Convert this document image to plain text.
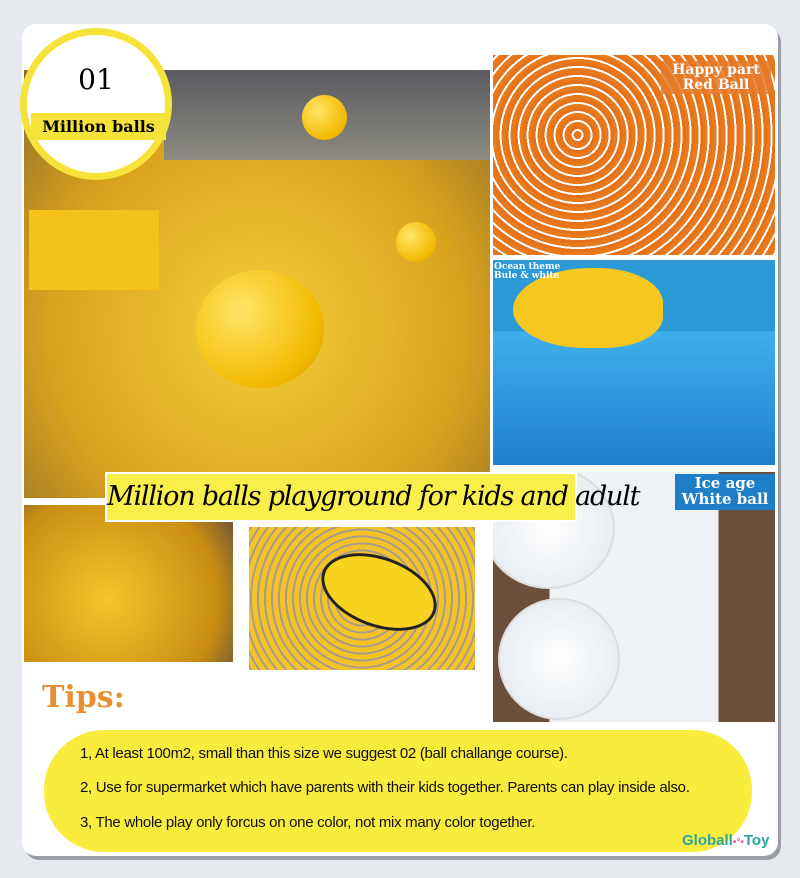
Happy part
Red Ball
Ocean theme
Bule & white
Ice age
White ball
01
Million balls
Million balls playground for kids and adult
Tips:
1, At least 100m2, small than this size we suggest 02 (ball challange course).
2, Use for supermarket which have parents with their kids together. Parents can play inside also.
3, The whole play only forcus on one color, not mix many color together.
Globall•°•Toy
